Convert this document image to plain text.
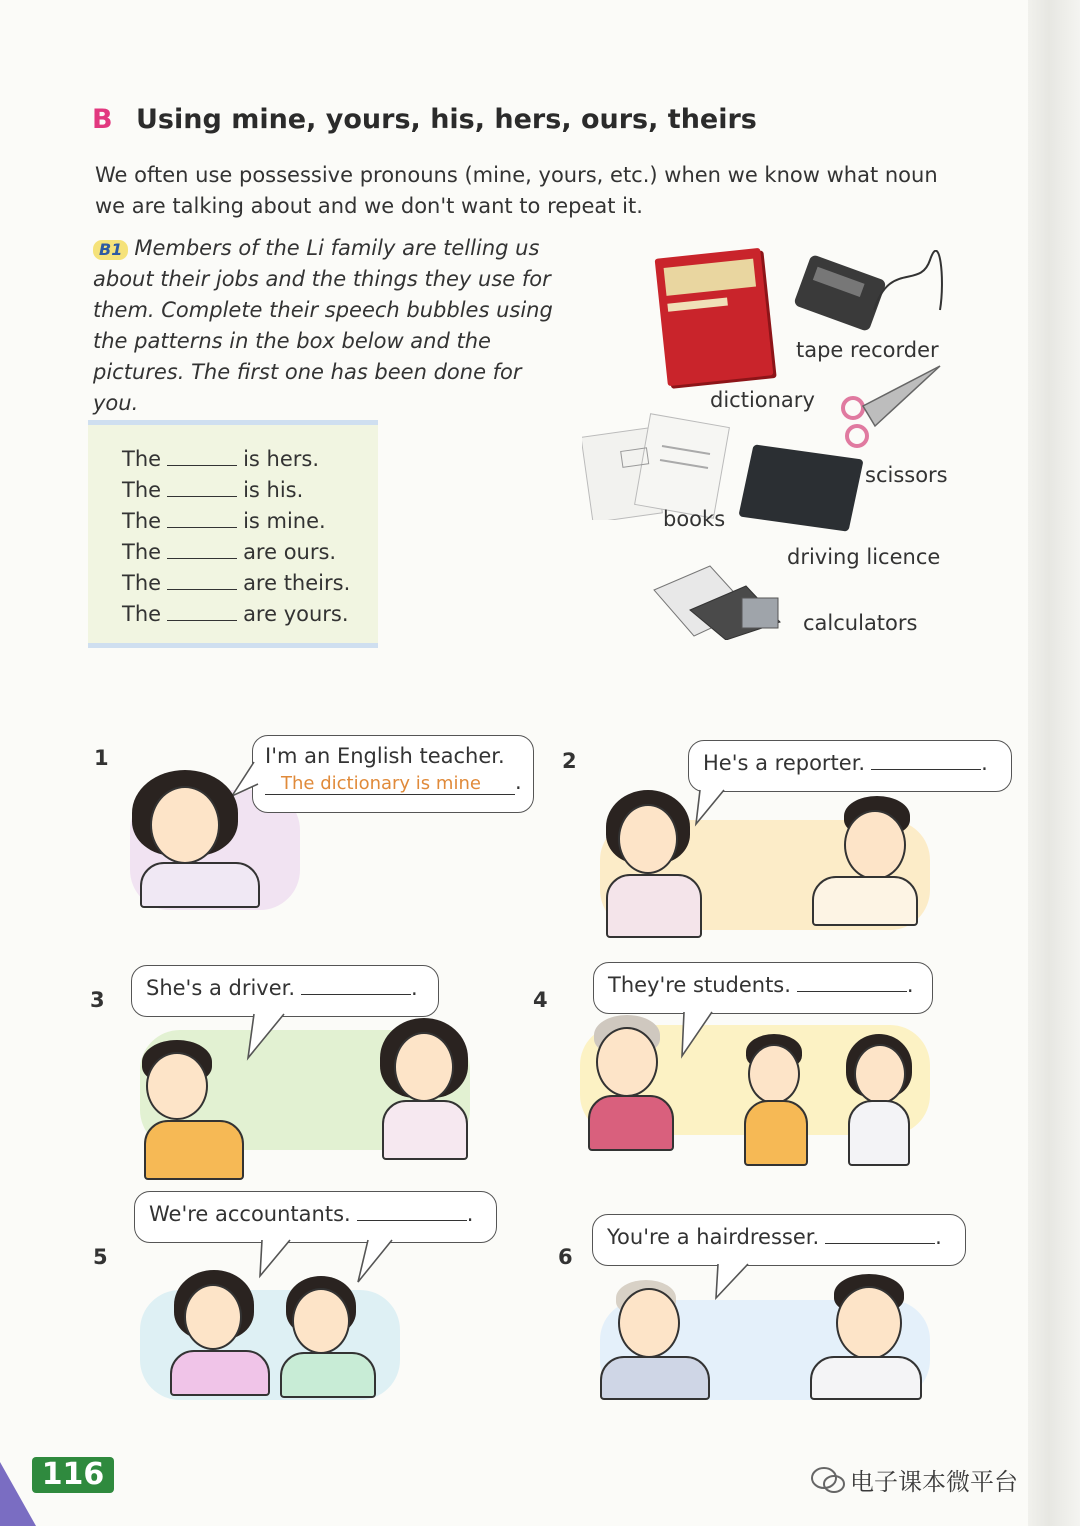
B Using mine, yours, his, hers, ours, theirs

We often use possessive pronouns (mine, yours, etc.) when we know what noun we are talking about and we don't want to repeat it.

B1 Members of the Li family are telling us about their jobs and the things they use for them. Complete their speech bubbles using the patterns in the box below and the pictures. The first one has been done for you.

The	is hers.
The	is his.
The	is mine.
The	are ours.
The	are theirs.
The	are yours.
tape recorder
dictionary
scissors
books
driving licence
calculators
1	I'm an English teacher.
The dictionary is mine .
2	He's a reporter.	.
3	She's a driver.	.	4
They're students.	.
5
We're accountants.	.
6
You're a hairdresser.	.
116	电子课本微平台
